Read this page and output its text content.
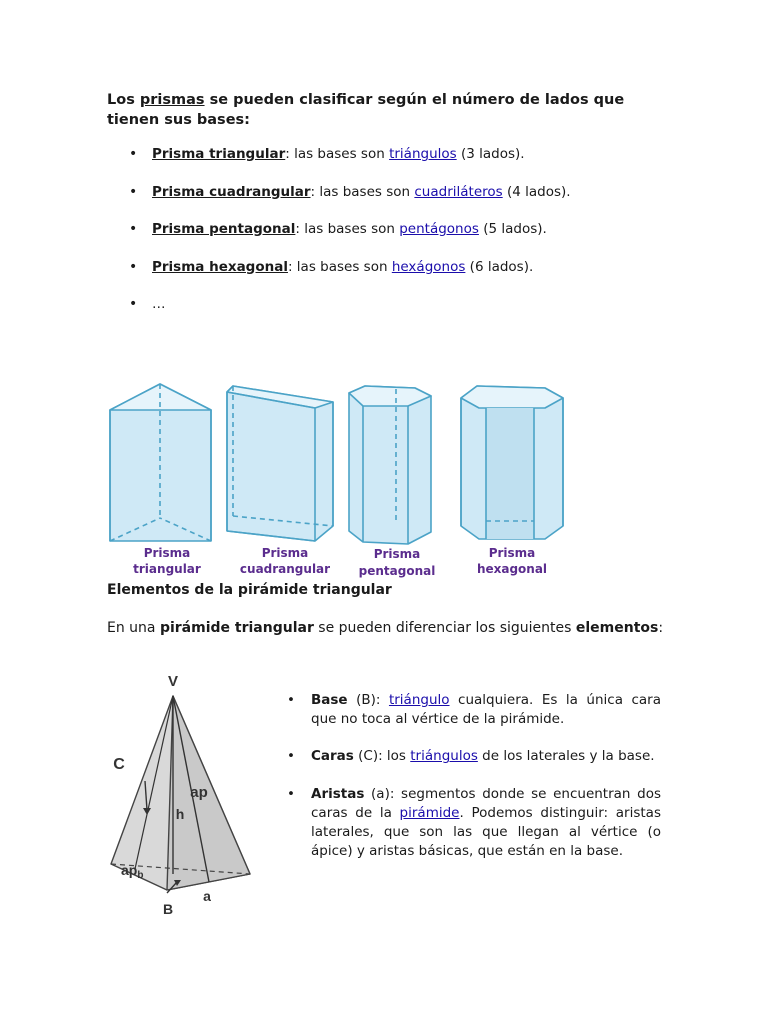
Los prismas se pueden clasificar según el número de lados que tienen sus bases:
• Prisma triangular: las bases son triángulos (3 lados).
• Prisma cuadrangular: las bases son cuadriláteros (4 lados).
• Prisma pentagonal: las bases son pentágonos (5 lados).
• Prisma hexagonal: las bases son hexágonos (6 lados).
• …
Prisma
triangular
Prisma
cuadrangular
Prisma
pentagonal
Prisma
hexagonal
Elementos de la pirámide triangular
En una pirámide triangular se pueden diferenciar los siguientes elementos:
V
C
ap
h
$ap_b$
B
a
• Base (B): triángulo cualquiera. Es la única cara que no toca al vértice de la pirámide.
• Caras (C): los triángulos de los laterales y la base.
• Aristas (a): segmentos donde se encuentran dos caras de la pirámide. Podemos distinguir: aristas laterales, que son las que llegan al vértice (o ápice) y aristas básicas, que están en la base.
